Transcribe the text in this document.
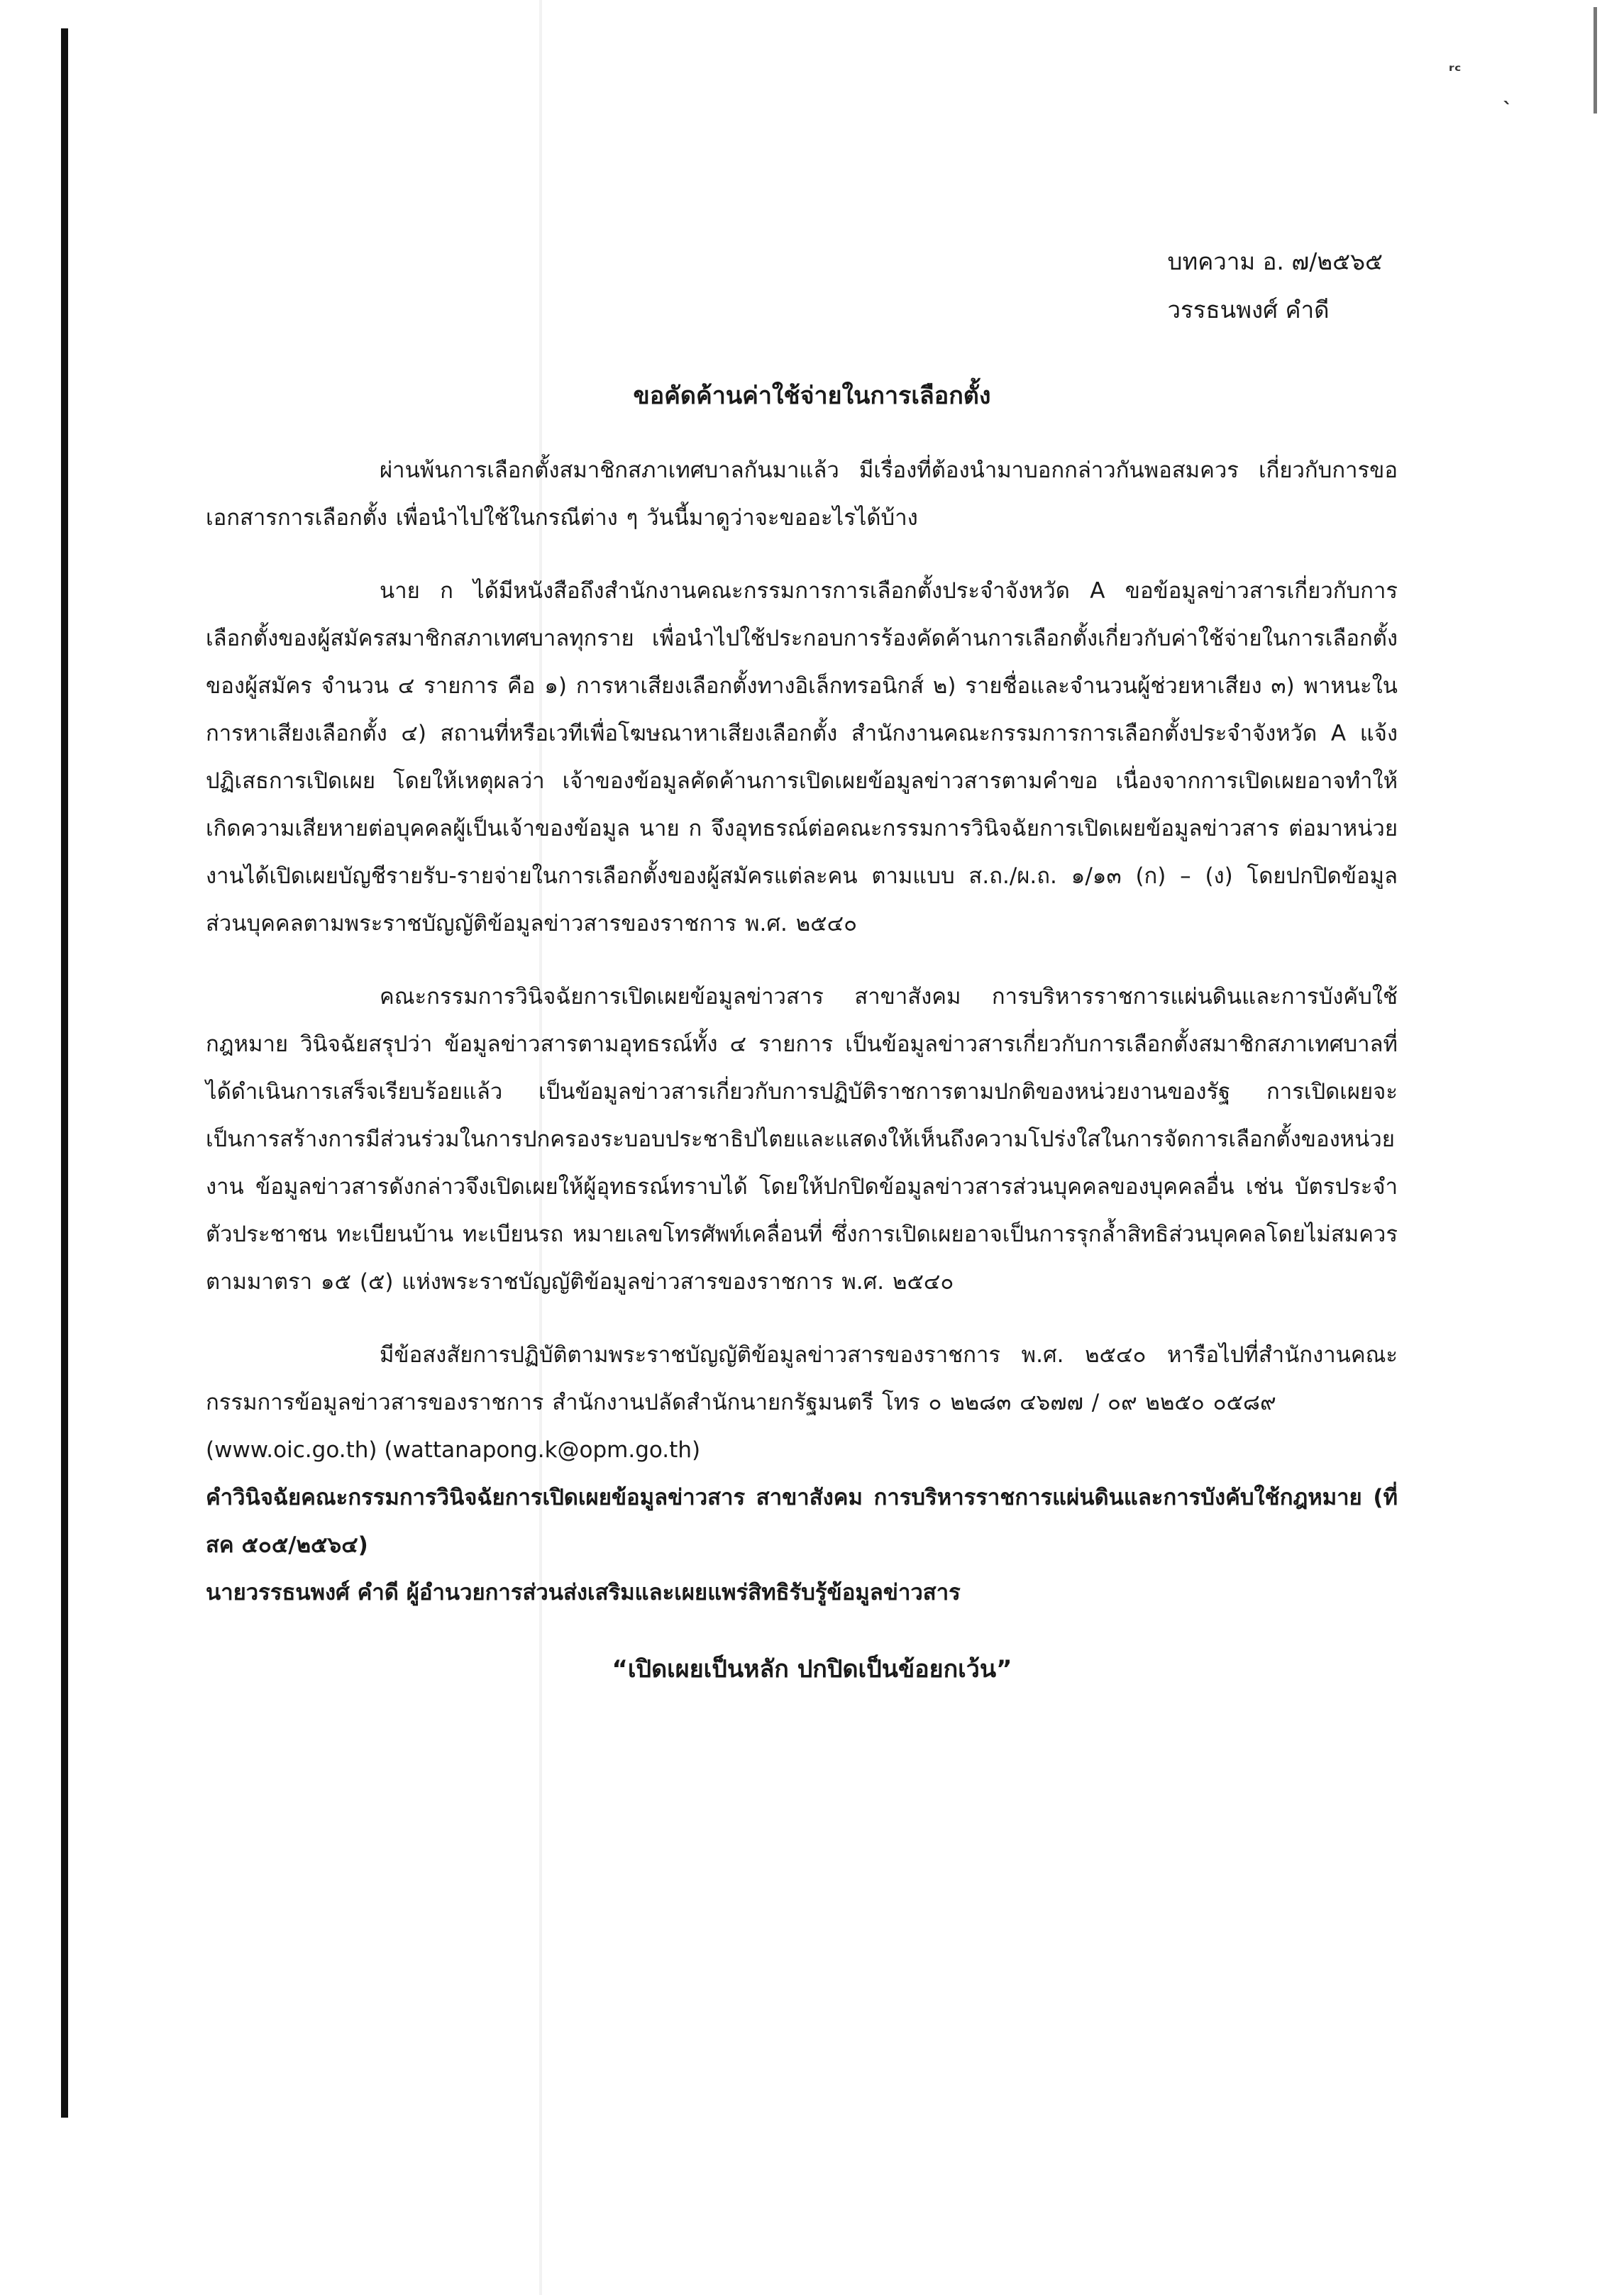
ʳᶜ
ˋ
บทความ อ. ๗/๒๕๖๕
วรรธนพงศ์ คำดี
ขอคัดค้านค่าใช้จ่ายในการเลือกตั้ง

ผ่านพ้นการเลือกตั้งสมาชิกสภาเทศบาลกันมาแล้ว มีเรื่องที่ต้องนำมาบอกกล่าวกันพอสมควร เกี่ยวกับการขอเอกสารการเลือกตั้ง เพื่อนำไปใช้ในกรณีต่าง ๆ วันนี้มาดูว่าจะขออะไรได้บ้าง

นาย ก ได้มีหนังสือถึงสำนักงานคณะกรรมการการเลือกตั้งประจำจังหวัด A ขอข้อมูลข่าวสารเกี่ยวกับการเลือกตั้งของผู้สมัครสมาชิกสภาเทศบาลทุกราย เพื่อนำไปใช้ประกอบการร้องคัดค้านการเลือกตั้งเกี่ยวกับค่าใช้จ่ายในการเลือกตั้งของผู้สมัคร จำนวน ๔ รายการ คือ ๑) การหาเสียงเลือกตั้งทางอิเล็กทรอนิกส์ ๒) รายชื่อและจำนวนผู้ช่วยหาเสียง ๓) พาหนะในการหาเสียงเลือกตั้ง ๔) สถานที่หรือเวทีเพื่อโฆษณาหาเสียงเลือกตั้ง สำนักงานคณะกรรมการการเลือกตั้งประจำจังหวัด A แจ้งปฏิเสธการเปิดเผย โดยให้เหตุผลว่า เจ้าของข้อมูลคัดค้านการเปิดเผยข้อมูลข่าวสารตามคำขอ เนื่องจากการเปิดเผยอาจทำให้เกิดความเสียหายต่อบุคคลผู้เป็นเจ้าของข้อมูล นาย ก จึงอุทธรณ์ต่อคณะกรรมการวินิจฉัยการเปิดเผยข้อมูลข่าวสาร ต่อมาหน่วยงานได้เปิดเผยบัญชีรายรับ-รายจ่ายในการเลือกตั้งของผู้สมัครแต่ละคน ตามแบบ ส.ถ./ผ.ถ. ๑/๑๓ (ก) – (ง) โดยปกปิดข้อมูลส่วนบุคคลตามพระราชบัญญัติข้อมูลข่าวสารของราชการ พ.ศ. ๒๕๔๐

คณะกรรมการวินิจฉัยการเปิดเผยข้อมูลข่าวสาร สาขาสังคม การบริหารราชการแผ่นดินและการบังคับใช้กฎหมาย วินิจฉัยสรุปว่า ข้อมูลข่าวสารตามอุทธรณ์ทั้ง ๔ รายการ เป็นข้อมูลข่าวสารเกี่ยวกับการเลือกตั้งสมาชิกสภาเทศบาลที่ได้ดำเนินการเสร็จเรียบร้อยแล้ว เป็นข้อมูลข่าวสารเกี่ยวกับการปฏิบัติราชการตามปกติของหน่วยงานของรัฐ การเปิดเผยจะเป็นการสร้างการมีส่วนร่วมในการปกครองระบอบประชาธิปไตยและแสดงให้เห็นถึงความโปร่งใสในการจัดการเลือกตั้งของหน่วยงาน ข้อมูลข่าวสารดังกล่าวจึงเปิดเผยให้ผู้อุทธรณ์ทราบได้ โดยให้ปกปิดข้อมูลข่าวสารส่วนบุคคลของบุคคลอื่น เช่น บัตรประจำตัวประชาชน ทะเบียนบ้าน ทะเบียนรถ หมายเลขโทรศัพท์เคลื่อนที่ ซึ่งการเปิดเผยอาจเป็นการรุกล้ำสิทธิส่วนบุคคลโดยไม่สมควร ตามมาตรา ๑๕ (๕) แห่งพระราชบัญญัติข้อมูลข่าวสารของราชการ พ.ศ. ๒๕๔๐

มีข้อสงสัยการปฏิบัติตามพระราชบัญญัติข้อมูลข่าวสารของราชการ พ.ศ. ๒๕๔๐ หารือไปที่สำนักงานคณะกรรมการข้อมูลข่าวสารของราชการ สำนักงานปลัดสำนักนายกรัฐมนตรี โทร ๐ ๒๒๘๓ ๔๖๗๗ / ๐๙ ๒๒๕๐ ๐๕๘๙

(www.oic.go.th) (wattanapong.k@opm.go.th)

คำวินิจฉัยคณะกรรมการวินิจฉัยการเปิดเผยข้อมูลข่าวสาร สาขาสังคม การบริหารราชการแผ่นดินและการบังคับใช้กฎหมาย (ที่ สค ๕๐๕/๒๕๖๔)

นายวรรธนพงศ์ คำดี ผู้อำนวยการส่วนส่งเสริมและเผยแพร่สิทธิรับรู้ข้อมูลข่าวสาร

“เปิดเผยเป็นหลัก ปกปิดเป็นข้อยกเว้น”
